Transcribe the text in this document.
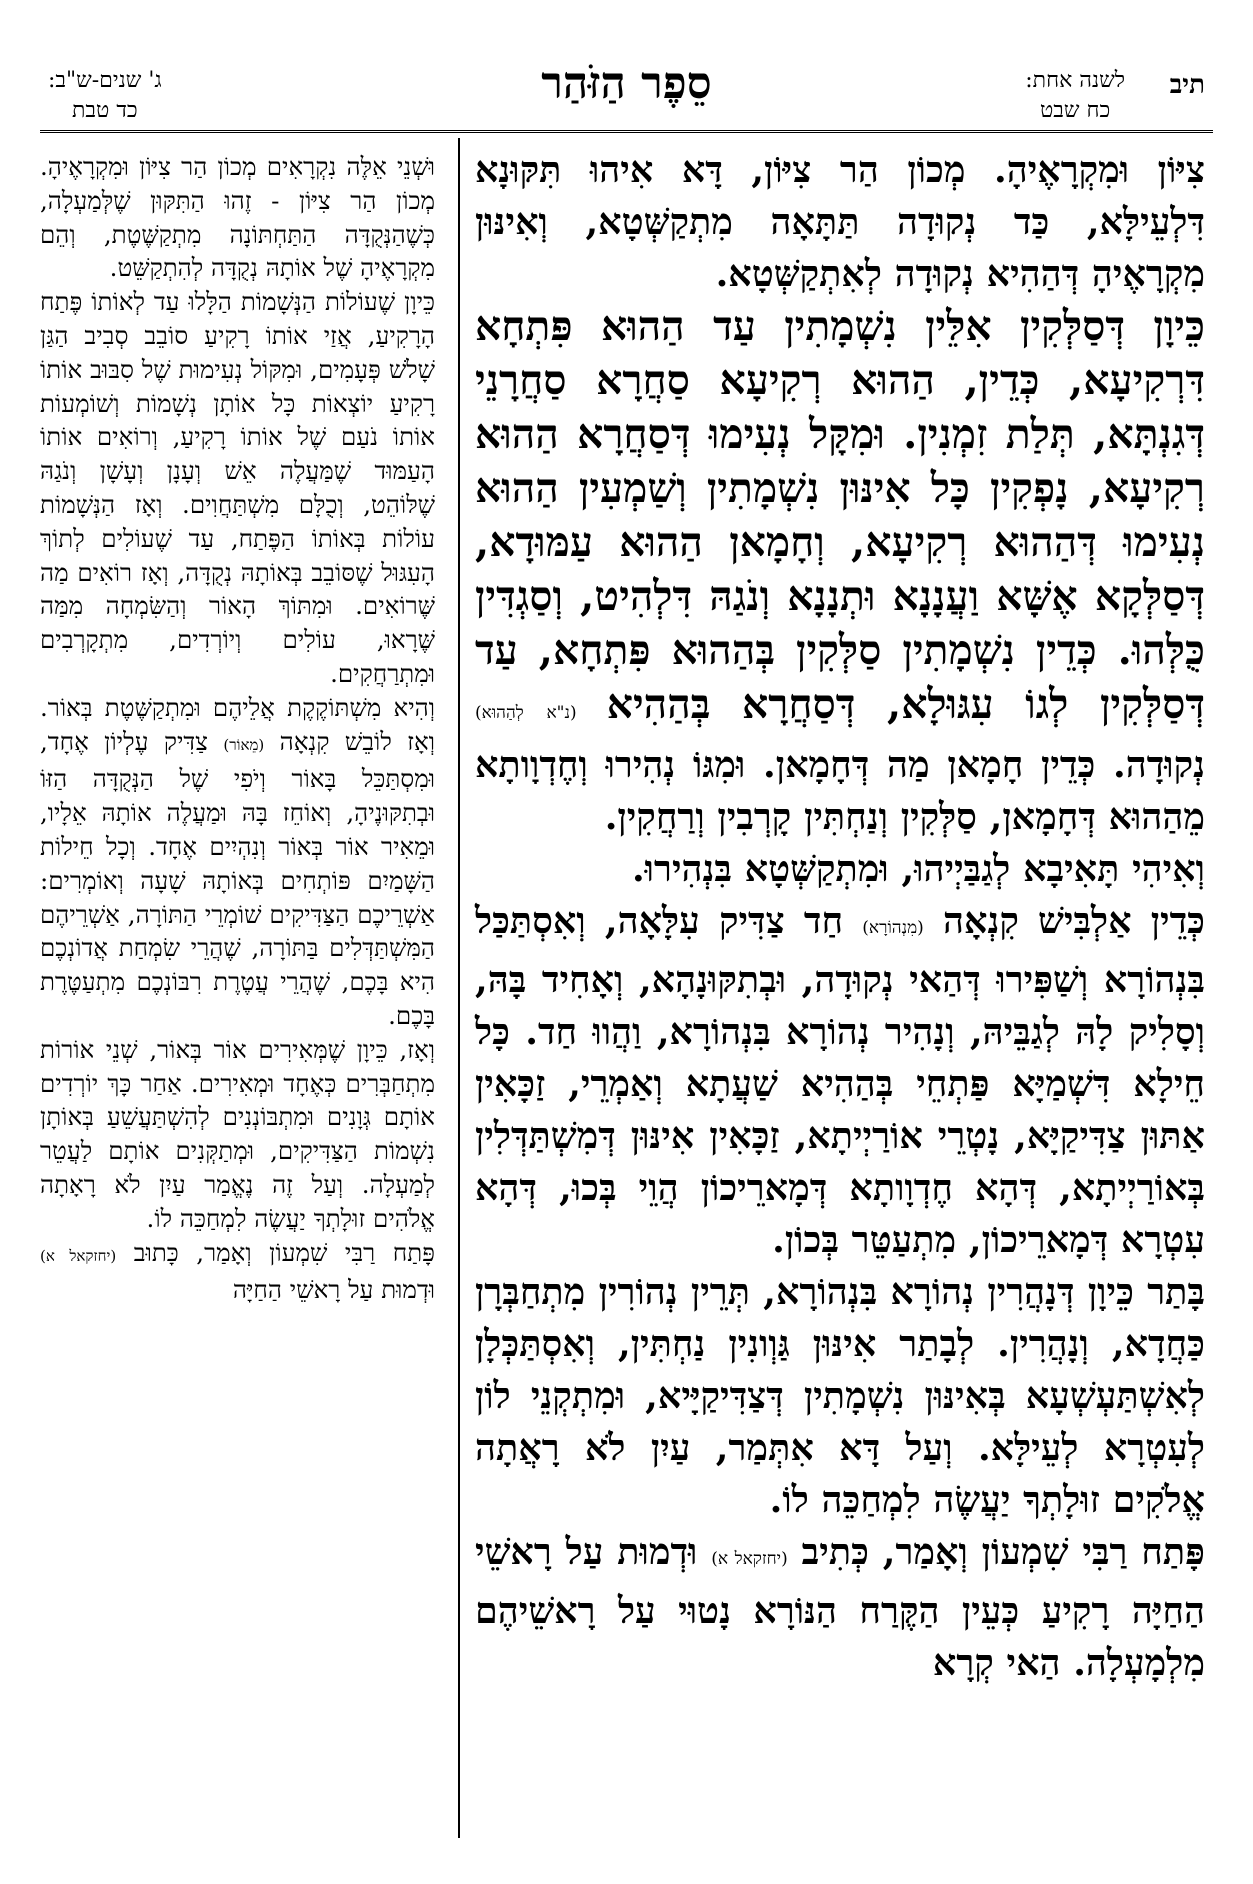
תיב
לשנה אחת:
כח שבט
סֵפֶר הַזֹּהַר
ג' שנים-ש"ב:
כד טבת

צִיּוֹן וּמִקְרָאֶיהָ. מְכוֹן הַר צִיּוֹן, דָּא אִיהוּ תִּקּוּנָא דִּלְעֵילָּא, כַּד נְקוּדָה תַּתָּאָה מִתְקַשְּׁטָא, וְאִינּוּן מִקְרָאֶיהָ דְּהַהִיא נְקוּדָה לְאִתְקַשְּׁטָא.

כֵּיוָן דְּסַלְּקִין אִלֵּין נִשְׁמָתִין עַד הַהוּא פִּתְחָא דִּרְקִיעָא, כְּדֵין, הַהוּא רְקִיעָא סַחֲרָא סַחֲרָנֵי דְּגִנְתָּא, תְּלַת זִמְנִין. וּמִקָּל נְעִימוּ דְּסַחֲרָא הַהוּא רְקִיעָא, נָפְקִין כָּל אִינּוּן נִשְׁמָתִין וְשַׁמְעִין הַהוּא נְעִימוּ דְּהַהוּא רְקִיעָא, וְחָמָאן הַהוּא עַמּוּדָא, דְּסַלְּקָא אֶשָּׁא וַעֲנָנָא וּתְנָנָא וְנֹגַהּ דִּלְהִיט, וְסַגְדִּין כֻּלְּהוּ. כְּדֵין נִשְׁמָתִין סַלְּקִין בְּהַהוּא פִּתְחָא, עַד דְּסַלְּקִין לְגוֹ עִגּוּלָא, דְּסַחֲרָא בְּהַהִיא (נ"א לְהַהוּא) נְקוּדָה. כְּדֵין חָמָאן מַה דְּחָמָאן. וּמִגּוֹ נְהִירוּ וְחֶדְוָותָא מֵהַהוּא דְּחָמָאן, סַלְּקִין וְנַחְתִּין קָרְבִין וְרַחֲקִין.

וְאִיהִי תָּאִיבָא לְגַבַּיְיהוּ, וּמִתְקַשְּׁטָא בִּנְהִירוּ.

כְּדֵין אַלְבִּישׁ קִנְאָה (מִנְהוֹרָא) חַד צַדִּיק עִלָּאָה, וְאִסְתַּכַּל בִּנְהוֹרָא וְשַׁפִּירוּ דְּהַאי נְקוּדָה, וּבְתִקּוּנָהָא, וְאָחִיד בָּהּ, וְסָלִיק לָהּ לְגַבֵּיהּ, וְנָהִיר נְהוֹרָא בִּנְהוֹרָא, וַהֲווּ חַד. כָּל חֵילָא דִּשְׁמַיָּא פַּתְחֵי בְּהַהִיא שַׁעֲתָא וְאַמְרֵי, זַכָּאִין אַתּוּן צַדִּיקַיָּא, נָטְרֵי אוֹרַיְיתָא, זַכָּאִין אִינּוּן דְּמִשְׁתַּדְּלִין בְּאוֹרַיְיתָא, דְּהָא חֶדְוָותָא דְּמָארֵיכוֹן הֲוֵי בְּכוּ, דְּהָא עִטְרָא דְּמָארֵיכוֹן, מִתְעַטֵּר בְּכוֹן.

בָּתַר כֵּיוָן דְּנָהֲרִין נְהוֹרָא בִּנְהוֹרָא, תְּרֵין נְהוֹרִין מִתְחַבְּרָן כַּחֲדָא, וְנָהֲרִין. לְבָתַר אִינּוּן גַּוְונִין נַחְתִּין, וְאִסְתַּכְּלָן לְאִשְׁתַּעְשְׁעָא בְּאִינּוּן נִשְׁמָתִין דְּצַדִּיקַיָּיא, וּמִתְקְנֵי לוֹן לְעִטְרָא לְעֵילָּא. וְעַל דָּא אִתְּמַר, עַיִן לֹא רָאֲתָה אֱלֹקִים זוּלָתְךָ יַעֲשֶׂה לִמְחַכֵּה לוֹ.

פָּתַח רַבִּי שִׁמְעוֹן וְאָמַר, כְּתִיב (יחזקאל א) וּדְמוּת עַל רָאשֵׁי הַחַיָּה רָקִיעַ כְּעֵין הַקֶּרַח הַנּוֹרָא נָטוּי עַל רָאשֵׁיהֶם מִלְמָעְלָה. הַאי קְרָא

וּשְׁנֵי אֵלֶּה נִקְרָאִים מְכוֹן הַר צִיּוֹן וּמִקְרָאֶיהָ. מְכוֹן הַר צִיּוֹן - זֶהוּ הַתִּקּוּן שֶׁלְּמַעְלָה, כְּשֶׁהַנְּקֻדָּה הַתַּחְתּוֹנָה מִתְקַשֶּׁטֶת, וְהֵם מִקְרָאֶיהָ שֶׁל אוֹתָהּ נְקֻדָּה לְהִתְקַשֵּׁט.

כֵּיוָן שֶׁעוֹלוֹת הַנְּשָׁמוֹת הַלָּלוּ עַד לְאוֹתוֹ פֶּתַח הָרָקִיעַ, אֲזַי אוֹתוֹ רָקִיעַ סוֹבֵב סְבִיב הַגַּן שָׁלֹשׁ פְּעָמִים, וּמִקּוֹל נְעִימוּת שֶׁל סִבּוּב אוֹתוֹ רָקִיעַ יוֹצְאוֹת כָּל אוֹתָן נְשָׁמוֹת וְשׁוֹמְעוֹת אוֹתוֹ נֹעַם שֶׁל אוֹתוֹ רָקִיעַ, וְרוֹאִים אוֹתוֹ הָעַמּוּד שֶׁמַּעֲלֶה אֵשׁ וְעָנָן וְעָשָׁן וְנֹגַהּ שֶׁלּוֹהֵט, וְכֻלָּם מִשְׁתַּחֲוִים. וְאָז הַנְּשָׁמוֹת עוֹלוֹת בְּאוֹתוֹ הַפֶּתַח, עַד שֶׁעוֹלִים לְתוֹךְ הָעִגּוּל שֶׁסּוֹבֵב בְּאוֹתָהּ נְקֻדָּה, וְאָז רוֹאִים מַה שֶּׁרוֹאִים. וּמִתּוֹךְ הָאוֹר וְהַשִּׂמְחָה מִמַּה שֶּׁרָאוּ, עוֹלִים וְיוֹרְדִים, מִתְקָרְבִים וּמִתְרַחֲקִים.

וְהִיא מִשְׁתּוֹקֶקֶת אֲלֵיהֶם וּמִתְקַשֶּׁטֶת בְּאוֹר. וְאָז לוֹבֵשׁ קִנְאָה (מֵאוֹר) צַדִּיק עֶלְיוֹן אֶחָד, וּמִסְתַּכֵּל בָּאוֹר וְיֹפִי שֶׁל הַנְּקֻדָּה הַזּוֹ וּבְתִקּוּנֶיהָ, וְאוֹחֵז בָּהּ וּמַעֲלֶה אוֹתָהּ אֵלָיו, וּמֵאִיר אוֹר בְּאוֹר וְנִהְיִים אֶחָד. וְכָל חֵילוֹת הַשָּׁמַיִם פּוֹתְחִים בְּאוֹתָהּ שָׁעָה וְאוֹמְרִים: אַשְׁרֵיכֶם הַצַּדִּיקִים שׁוֹמְרֵי הַתּוֹרָה, אַשְׁרֵיהֶם הַמִּשְׁתַּדְּלִים בַּתּוֹרָה, שֶׁהֲרֵי שִׂמְחַת אֲדוֹנְכֶם הִיא בָּכֶם, שֶׁהֲרֵי עֲטֶרֶת רִבּוֹנְכֶם מִתְעַטֶּרֶת בָּכֶם.

וְאָז, כֵּיוָן שֶׁמְּאִירִים אוֹר בְּאוֹר, שְׁנֵי אוֹרוֹת מִתְחַבְּרִים כְּאֶחָד וּמְאִירִים. אַחַר כָּךְ יוֹרְדִים אוֹתָם גְּוָנִים וּמִתְבּוֹנְנִים לְהִשְׁתַּעֲשֵׁעַ בְּאוֹתָן נִשְׁמוֹת הַצַּדִּיקִים, וּמְתַקְּנִים אוֹתָם לַעֲטֵר לְמַעְלָה. וְעַל זֶה נֶאֱמַר עַיִן לֹא רָאָתָה אֱלֹהִים זוּלָתְךָ יַעֲשֶׂה לִמְחַכֵּה לוֹ.

פָּתַח רַבִּי שִׁמְעוֹן וְאָמַר, כָּתוּב (יחזקאל א) וּדְמוּת עַל רָאשֵׁי הַחַיָּה
